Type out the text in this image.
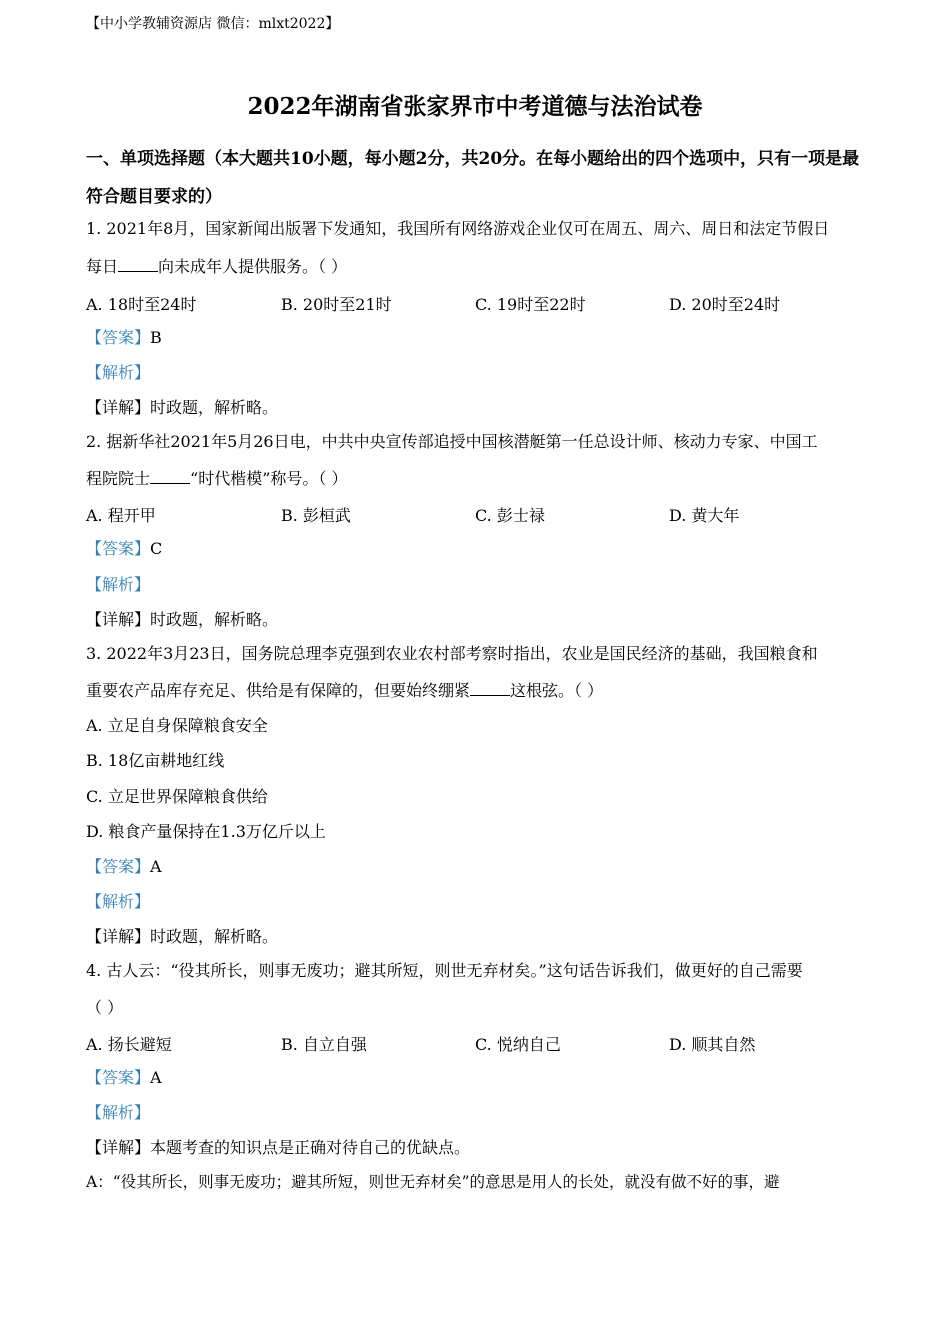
【中小学教辅资源店 微信：mlxt2022】
2022年湖南省张家界市中考道德与法治试卷
一、单项选择题（本大题共10小题，每小题2分，共20分。在每小题给出的四个选项中，只有一项是最符合题目要求的）
1. 2021年8月，国家新闻出版署下发通知，我国所有网络游戏企业仅可在周五、周六、周日和法定节假日
每日	向未成年人提供服务。（ ）
A. 18时至24时	B. 20时至21时	C. 19时至22时	D. 20时至24时
【答案】B
【解析】
【详解】时政题，解析略。
2. 据新华社2021年5月26日电，中共中央宣传部追授中国核潜艇第一任总设计师、核动力专家、中国工
程院院士	“时代楷模”称号。（ ）
A. 程开甲	B. 彭桓武	C. 彭士禄	D. 黄大年
【答案】C
【解析】
【详解】时政题，解析略。
3. 2022年3月23日，国务院总理李克强到农业农村部考察时指出，农业是国民经济的基础，我国粮食和
重要农产品库存充足、供给是有保障的，但要始终绷紧	这根弦。（ ）
A. 立足自身保障粮食安全
B. 18亿亩耕地红线
C. 立足世界保障粮食供给
D. 粮食产量保持在1.3万亿斤以上
【答案】A
【解析】
【详解】时政题，解析略。
4. 古人云：“役其所长，则事无废功；避其所短，则世无弃材矣。”这句话告诉我们，做更好的自己需要
（ ）
A. 扬长避短	B. 自立自强	C. 悦纳自己	D. 顺其自然
【答案】A
【解析】
【详解】本题考查的知识点是正确对待自己的优缺点。
A：“役其所长，则事无废功；避其所短，则世无弃材矣”的意思是用人的长处，就没有做不好的事，避
